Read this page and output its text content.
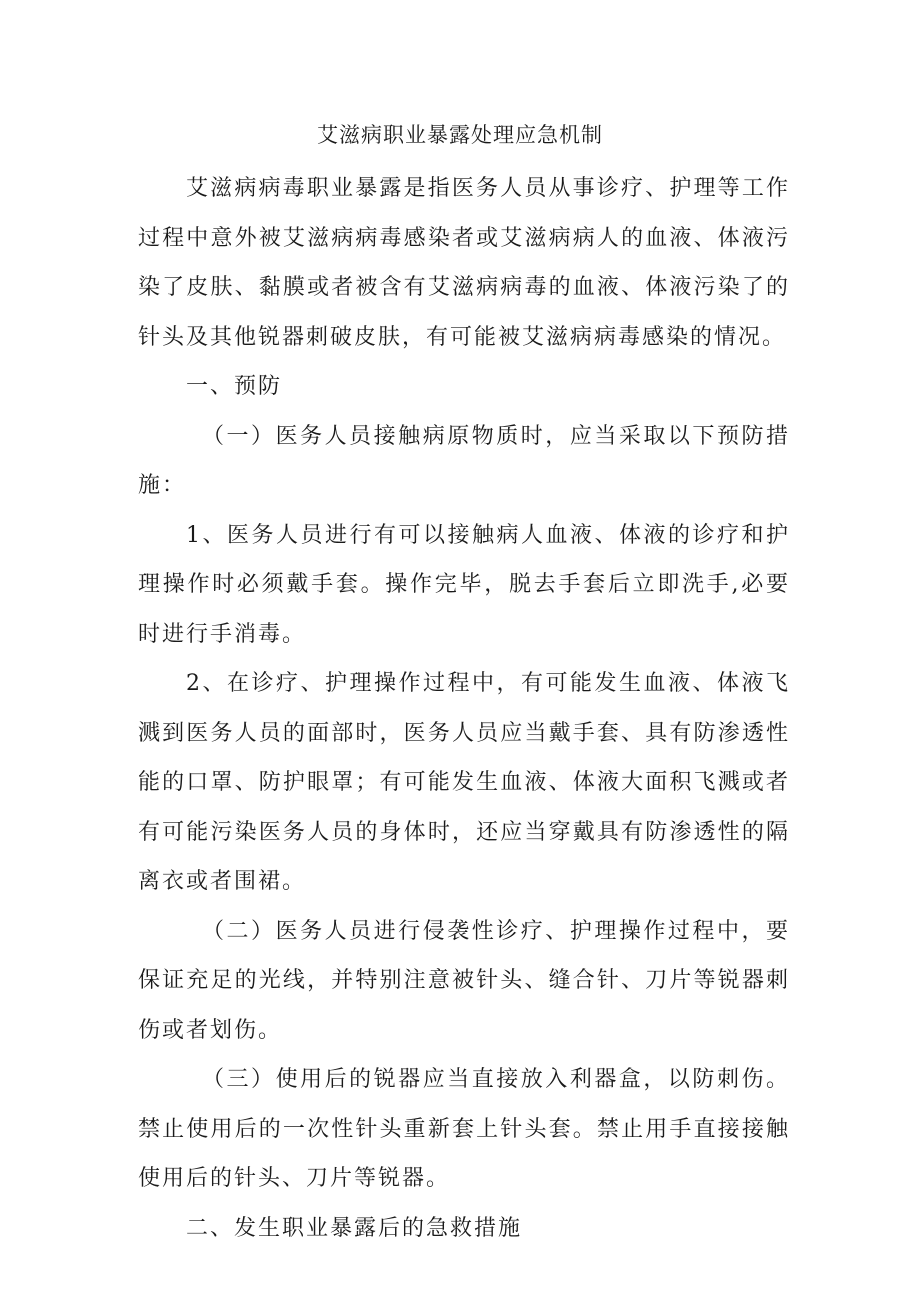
艾滋病职业暴露处理应急机制

艾滋病病毒职业暴露是指医务人员从事诊疗、护理等工作过程中意外被艾滋病病毒感染者或艾滋病病人的血液、体液污染了皮肤、黏膜或者被含有艾滋病病毒的血液、体液污染了的针头及其他锐器刺破皮肤，有可能被艾滋病病毒感染的情况。

一、预防

（一）医务人员接触病原物质时，应当采取以下预防措施：

1、医务人员进行有可以接触病人血液、体液的诊疗和护理操作时必须戴手套。操作完毕，脱去手套后立即洗手,必要时进行手消毒。

2、在诊疗、护理操作过程中，有可能发生血液、体液飞溅到医务人员的面部时，医务人员应当戴手套、具有防渗透性能的口罩、防护眼罩；有可能发生血液、体液大面积飞溅或者有可能污染医务人员的身体时，还应当穿戴具有防渗透性的隔离衣或者围裙。

（二）医务人员进行侵袭性诊疗、护理操作过程中，要保证充足的光线，并特别注意被针头、缝合针、刀片等锐器刺伤或者划伤。

（三）使用后的锐器应当直接放入利器盒，以防刺伤。禁止使用后的一次性针头重新套上针头套。禁止用手直接接触使用后的针头、刀片等锐器。

二、发生职业暴露后的急救措施
